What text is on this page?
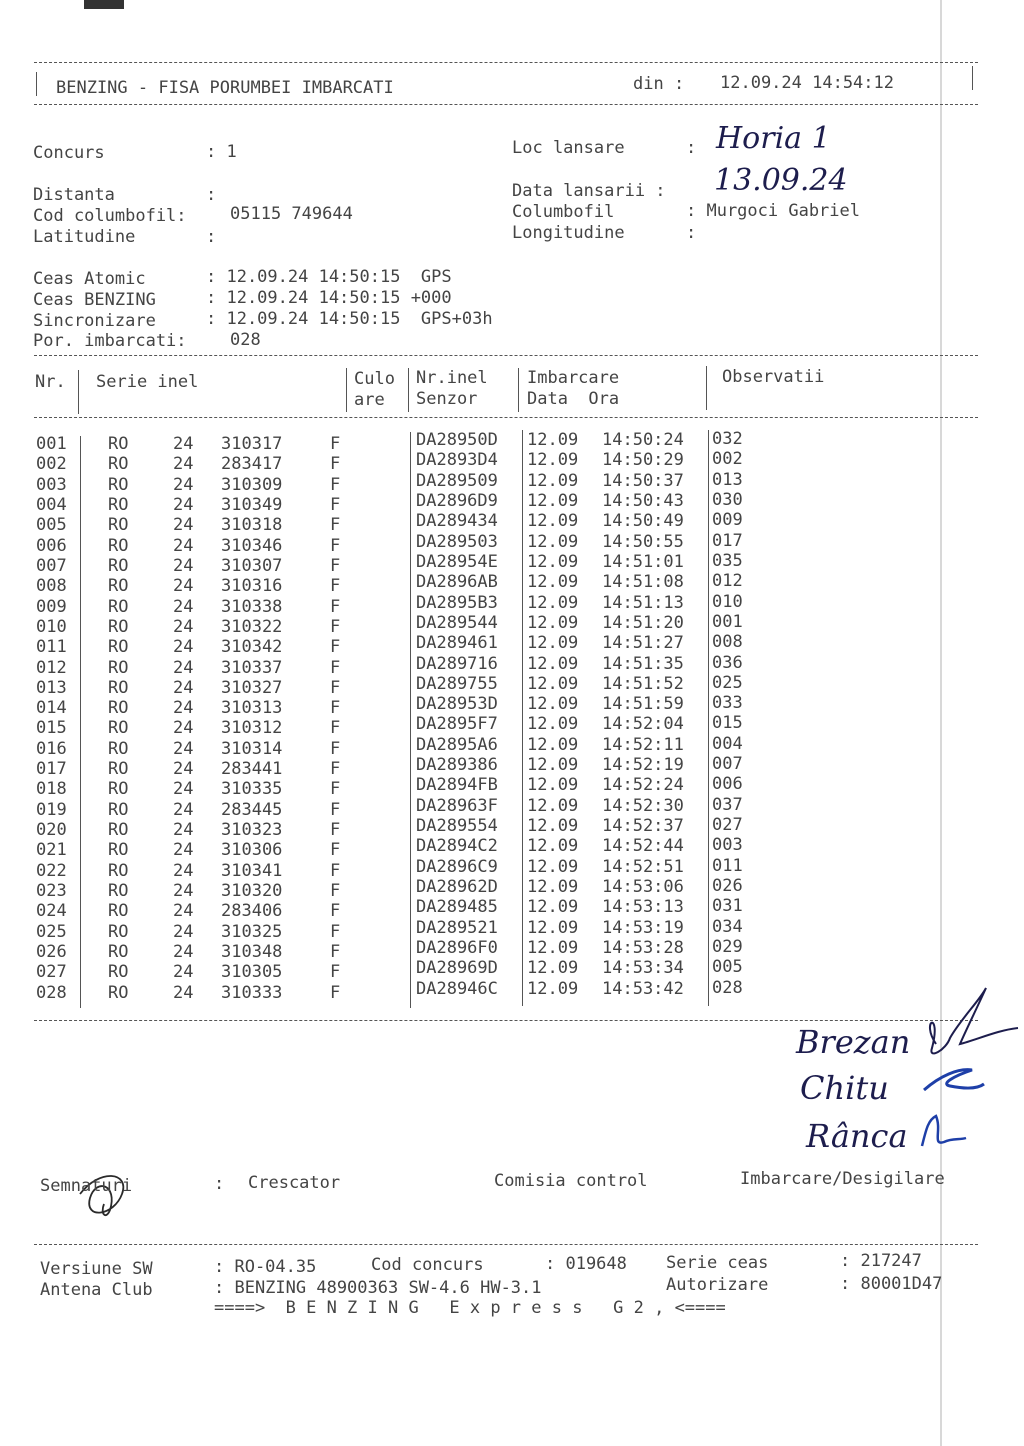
BENZING - FISA PORUMBEI IMBARCATI	din : 12.09.24 14:54:12
Concurs	: 1	Loc lansare	: Horia 1
Distanta	:	Data lansarii : 13.09.24
Cod columbofil:	05115 749644	Columbofil	: Murgoci Gabriel
Latitudine	:	Longitudine	:
Ceas Atomic	: 12.09.24 14:50:15  GPS
Ceas BENZING	: 12.09.24 14:50:15 +000
Sincronizare	: 12.09.24 14:50:15  GPS+03h
Por. imbarcati:	028
Nr. Serie inel	Culo
are
Nr.inel
Senzor
Imbarcare
Data  Ora
Observatii
001 RO	24 310317	F	DA28950D 12.09 14:50:24 032
002 RO	24 283417	F	DA2893D4 12.09 14:50:29 002
003 RO	24 310309	F	DA289509 12.09 14:50:37 013
004 RO	24 310349	F	DA2896D9 12.09 14:50:43 030
005 RO	24 310318	F	DA289434 12.09 14:50:49 009
006 RO	24 310346	F	DA289503 12.09 14:50:55 017
007 RO	24 310307	F	DA28954E 12.09 14:51:01 035
008 RO	24 310316	F	DA2896AB 12.09 14:51:08 012
009 RO	24 310338	F	DA2895B3 12.09 14:51:13 010
010 RO	24 310322	F	DA289544 12.09 14:51:20 001
011 RO	24 310342	F	DA289461 12.09 14:51:27 008
012 RO	24 310337	F	DA289716 12.09 14:51:35 036
013 RO	24 310327	F	DA289755 12.09 14:51:52 025
014 RO	24 310313	F	DA28953D 12.09 14:51:59 033
015 RO	24 310312	F	DA2895F7 12.09 14:52:04 015
016 RO	24 310314	F	DA2895A6 12.09 14:52:11 004
017 RO	24 283441	F	DA289386 12.09 14:52:19 007
018 RO	24 310335	F	DA2894FB 12.09 14:52:24 006
019 RO	24 283445	F	DA28963F 12.09 14:52:30 037
020 RO	24 310323	F	DA289554 12.09 14:52:37 027
021 RO	24 310306	F	DA2894C2 12.09 14:52:44 003
022 RO	24 310341	F	DA2896C9 12.09 14:52:51 011
023 RO	24 310320	F	DA28962D 12.09 14:53:06 026
024 RO	24 283406	F	DA289485 12.09 14:53:13 031
025 RO	24 310325	F	DA289521 12.09 14:53:19 034
026 RO	24 310348	F	DA2896F0 12.09 14:53:28 029
027 RO	24 310305	F	DA28969D 12.09 14:53:34 005
028 RO	24 310333	F	DA28946C 12.09 14:53:42 028
Brezan
Chitu
Rânca
Semnaturi	: Crescator	Comisia control	Imbarcare/Desigilare
Versiune SW	: RO-04.35	Cod concurs	: 019648 Serie ceas	: 217247
Antena Club	: BENZING 48900363 SW-4.6 HW-3.1	Autorizare	: 80001D47
====>  B E N Z I N G   E x p r e s s   G 2 , <====
